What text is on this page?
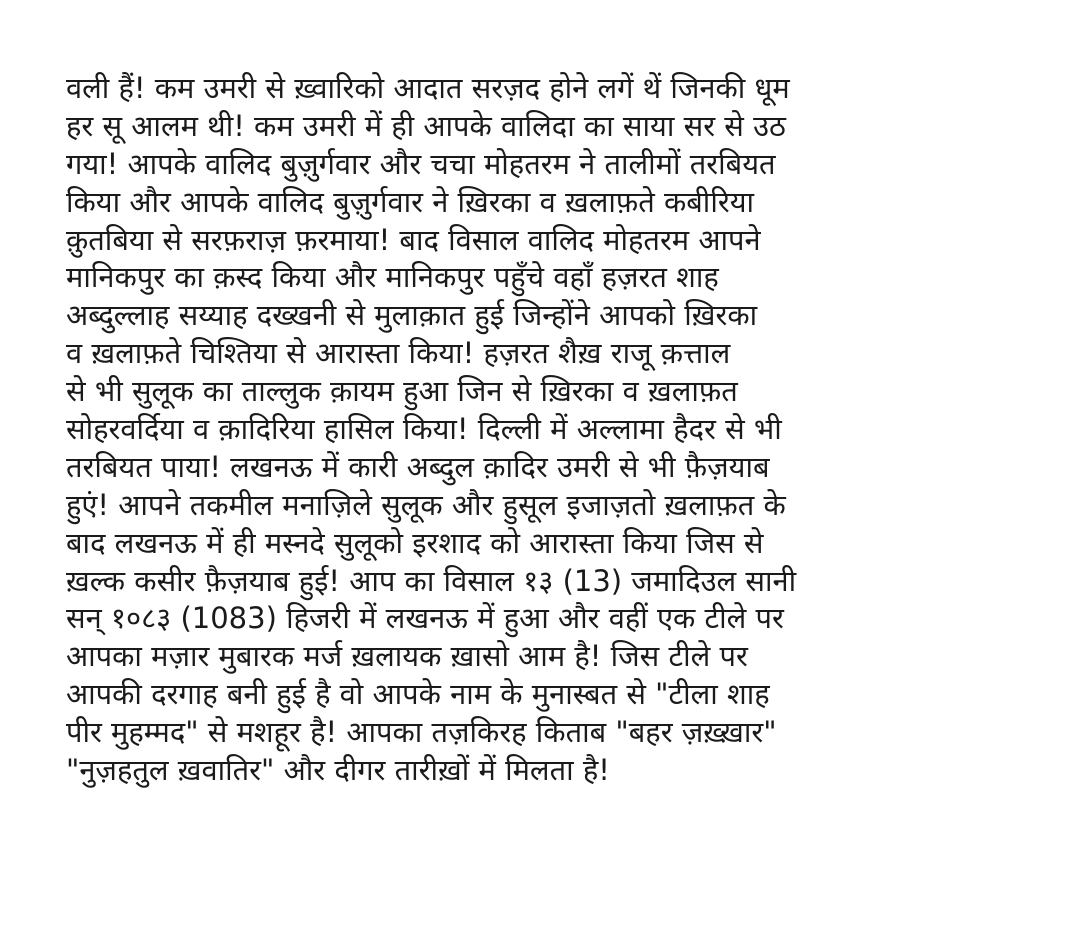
वली हैं! कम उमरी से ख़्वारिको आदात सरज़द होने लगें थें जिनकी धूम
हर सू आलम थी! कम उमरी में ही आपके वालिदा का साया सर से उठ
गया! आपके वालिद बुज़ुर्गवार और चचा मोहतरम ने तालीमों तरबियत
किया और आपके वालिद बुज़ुर्गवार ने ख़िरका व ख़लाफ़ते कबीरिया
क़ुतबिया से सरफ़राज़ फ़रमाया! बाद विसाल वालिद मोहतरम आपने
मानिकपुर का क़स्द किया और मानिकपुर पहुँचे वहाँ हज़रत शाह
अब्दुल्लाह सय्याह दख्खनी से मुलाक़ात हुई जिन्होंने आपको ख़िरका
व ख़लाफ़ते चिश्तिया से आरास्ता किया! हज़रत शैख़ राजू क़त्ताल
से भी सुलूक का ताल्लुक क़ायम हुआ जिन से ख़िरका व ख़लाफ़त
सोहरवर्दिया व क़ादिरिया हासिल किया! दिल्ली में अल्लामा हैदर से भी
तरबियत पाया! लखनऊ में कारी अब्दुल क़ादिर उमरी से भी फ़ैज़याब
हुएं! आपने तकमील मनाज़िले सुलूक और हुसूल इजाज़तो ख़लाफ़त के
बाद लखनऊ में ही मस्नदे सुलूको इरशाद को आरास्ता किया जिस से
ख़ल्क कसीर फ़ैज़याब हुई! आप का विसाल १३ (13) जमादिउल सानी
सन् १०८३ (1083) हिजरी में लखनऊ में हुआ और वहीं एक टीले पर
आपका मज़ार मुबारक मर्ज ख़लायक ख़ासो आम है! जिस टीले पर
आपकी दरगाह बनी हुई है वो आपके नाम के मुनास्बत से "टीला शाह
पीर मुहम्मद" से मशहूर है! आपका तज़किरह किताब "बहर ज़ख़्ख़ार"
"नुज़हतुल ख़वातिर" और दीगर तारीख़ों में मिलता है!
